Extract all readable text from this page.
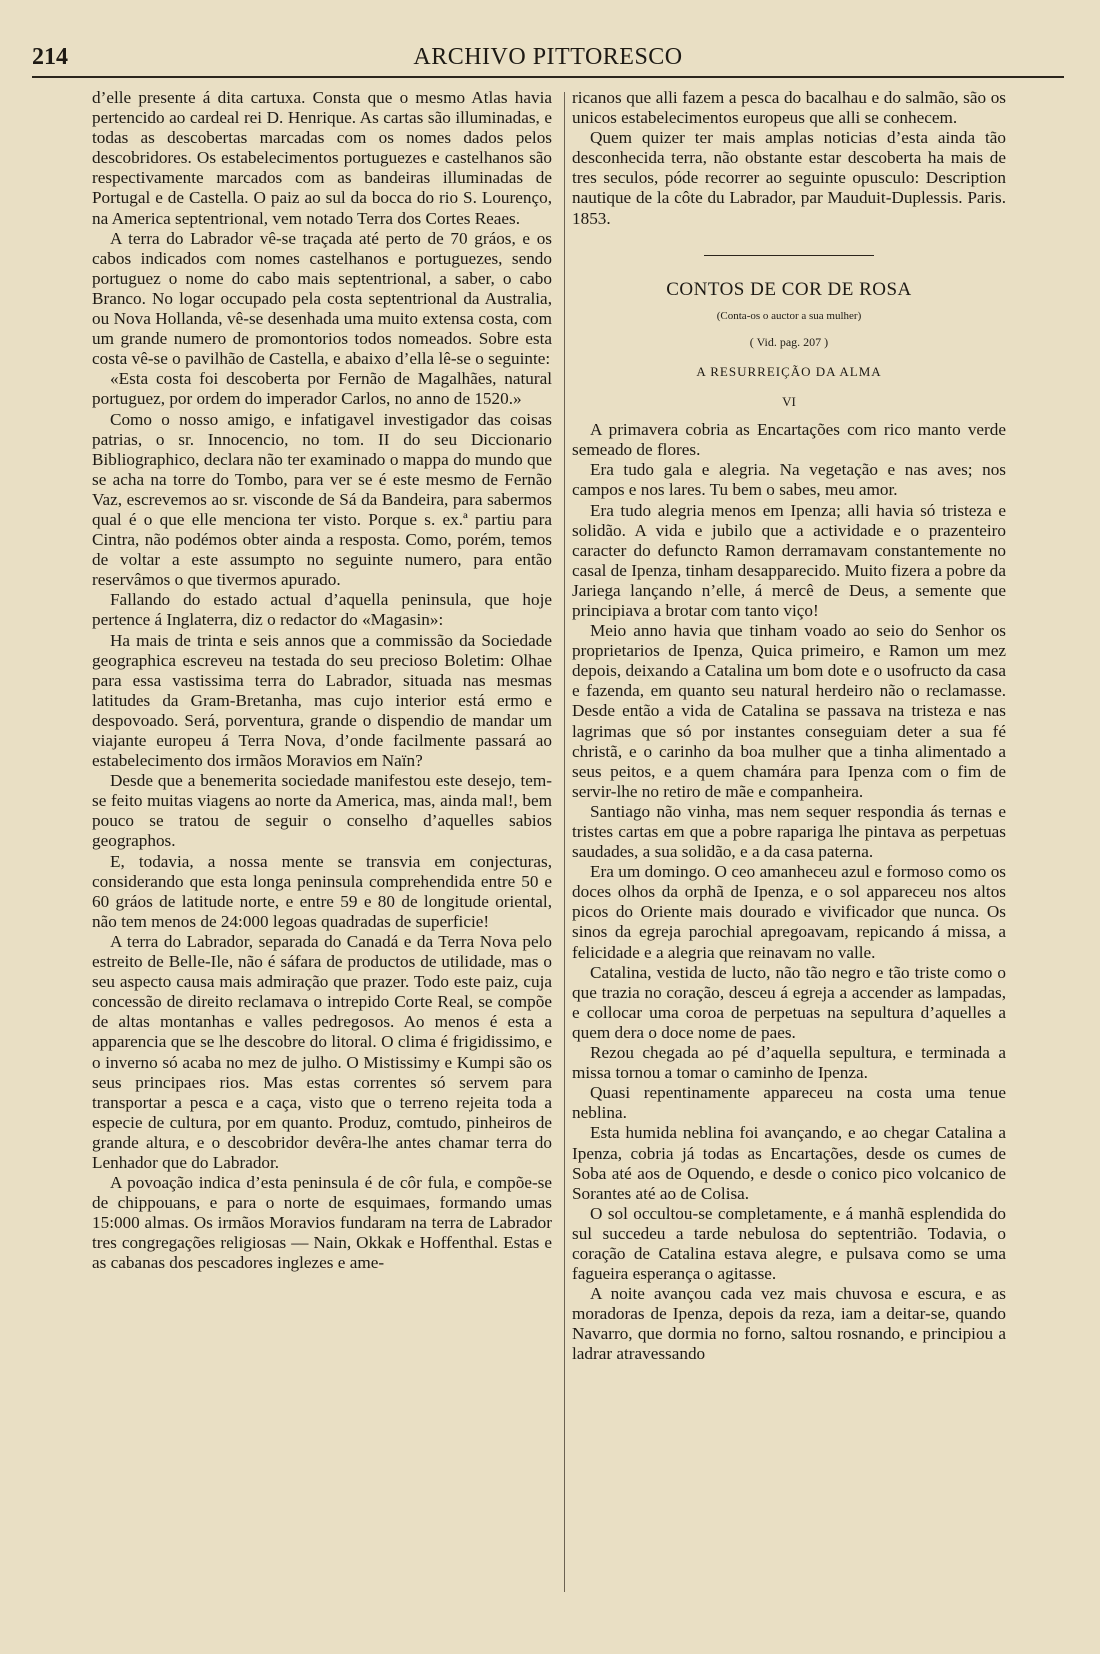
214	ARCHIVO PITTORESCO

d’elle presente á dita cartuxa. Consta que o mesmo Atlas havia pertencido ao cardeal rei D. Henrique. As cartas são illuminadas, e todas as descobertas marcadas com os nomes dados pelos descobridores. Os estabelecimentos portuguezes e castelhanos são respectivamente marcados com as bandeiras illuminadas de Portugal e de Castella. O paiz ao sul da bocca do rio S. Lourenço, na America septentrional, vem notado Terra dos Cortes Reaes.

A terra do Labrador vê-se traçada até perto de 70 gráos, e os cabos indicados com nomes castelhanos e portuguezes, sendo portuguez o nome do cabo mais septentrional, a saber, o cabo Branco. No logar occupado pela costa septentrional da Australia, ou Nova Hollanda, vê-se desenhada uma muito extensa costa, com um grande numero de promontorios todos nomeados. Sobre esta costa vê-se o pavilhão de Castella, e abaixo d’ella lê-se o seguinte:

«Esta costa foi descoberta por Fernão de Magalhães, natural portuguez, por ordem do imperador Carlos, no anno de 1520.»

Como o nosso amigo, e infatigavel investigador das coisas patrias, o sr. Innocencio, no tom. II do seu Diccionario Bibliographico, declara não ter examinado o mappa do mundo que se acha na torre do Tombo, para ver se é este mesmo de Fernão Vaz, escrevemos ao sr. visconde de Sá da Bandeira, para sabermos qual é o que elle menciona ter visto. Porque s. ex.ª partiu para Cintra, não podémos obter ainda a resposta. Como, porém, temos de voltar a este assumpto no seguinte numero, para então reservâmos o que tivermos apurado.

Fallando do estado actual d’aquella peninsula, que hoje pertence á Inglaterra, diz o redactor do «Magasin»:

Ha mais de trinta e seis annos que a commissão da Sociedade geographica escreveu na testada do seu precioso Boletim: Olhae para essa vastissima terra do Labrador, situada nas mesmas latitudes da Gram-Bretanha, mas cujo interior está ermo e despovoado. Será, porventura, grande o dispendio de mandar um viajante europeu á Terra Nova, d’onde facilmente passará ao estabelecimento dos irmãos Moravios em Naïn?

Desde que a benemerita sociedade manifestou este desejo, tem-se feito muitas viagens ao norte da America, mas, ainda mal!, bem pouco se tratou de seguir o conselho d’aquelles sabios geographos.

E, todavia, a nossa mente se transvia em conjecturas, considerando que esta longa peninsula comprehendida entre 50 e 60 gráos de latitude norte, e entre 59 e 80 de longitude oriental, não tem menos de 24:000 legoas quadradas de superficie!

A terra do Labrador, separada do Canadá e da Terra Nova pelo estreito de Belle-Ile, não é sáfara de productos de utilidade, mas o seu aspecto causa mais admiração que prazer. Todo este paiz, cuja concessão de direito reclamava o intrepido Corte Real, se compõe de altas montanhas e valles pedregosos. Ao menos é esta a apparencia que se lhe descobre do litoral. O clima é frigidissimo, e o inverno só acaba no mez de julho. O Mistissimy e Kumpi são os seus principaes rios. Mas estas correntes só servem para transportar a pesca e a caça, visto que o terreno rejeita toda a especie de cultura, por em quanto. Produz, comtudo, pinheiros de grande altura, e o descobridor devêra-lhe antes chamar terra do Lenhador que do Labrador.

A povoação indica d’esta peninsula é de côr fula, e compõe-se de chippouans, e para o norte de esquimaes, formando umas 15:000 almas. Os irmãos Moravios fundaram na terra de Labrador tres congregações religiosas — Nain, Okkak e Hoffenthal. Estas e as cabanas dos pescadores inglezes e ame-

ricanos que alli fazem a pesca do bacalhau e do salmão, são os unicos estabelecimentos europeus que alli se conhecem.

Quem quizer ter mais amplas noticias d’esta ainda tão desconhecida terra, não obstante estar descoberta ha mais de tres seculos, póde recorrer ao seguinte opusculo: Description nautique de la côte du Labrador, par Mauduit-Duplessis. Paris. 1853.

CONTOS DE COR DE ROSA

(Conta-os o auctor a sua mulher)

( Vid. pag. 207 )

A RESURREIÇÃO DA ALMA

VI

A primavera cobria as Encartações com rico manto verde semeado de flores.

Era tudo gala e alegria. Na vegetação e nas aves; nos campos e nos lares. Tu bem o sabes, meu amor.

Era tudo alegria menos em Ipenza; alli havia só tristeza e solidão. A vida e jubilo que a actividade e o prazenteiro caracter do defuncto Ramon derramavam constantemente no casal de Ipenza, tinham desapparecido. Muito fizera a pobre da Jariega lançando n’elle, á mercê de Deus, a semente que principiava a brotar com tanto viço!

Meio anno havia que tinham voado ao seio do Senhor os proprietarios de Ipenza, Quica primeiro, e Ramon um mez depois, deixando a Catalina um bom dote e o usofructo da casa e fazenda, em quanto seu natural herdeiro não o reclamasse. Desde então a vida de Catalina se passava na tristeza e nas lagrimas que só por instantes conseguiam deter a sua fé christã, e o carinho da boa mulher que a tinha alimentado a seus peitos, e a quem chamára para Ipenza com o fim de servir-lhe no retiro de mãe e companheira.

Santiago não vinha, mas nem sequer respondia ás ternas e tristes cartas em que a pobre rapariga lhe pintava as perpetuas saudades, a sua solidão, e a da casa paterna.

Era um domingo. O ceo amanheceu azul e formoso como os doces olhos da orphã de Ipenza, e o sol appareceu nos altos picos do Oriente mais dourado e vivificador que nunca. Os sinos da egreja parochial apregoavam, repicando á missa, a felicidade e a alegria que reinavam no valle.

Catalina, vestida de lucto, não tão negro e tão triste como o que trazia no coração, desceu á egreja a accender as lampadas, e collocar uma coroa de perpetuas na sepultura d’aquelles a quem dera o doce nome de paes.

Rezou chegada ao pé d’aquella sepultura, e terminada a missa tornou a tomar o caminho de Ipenza.

Quasi repentinamente appareceu na costa uma tenue neblina.

Esta humida neblina foi avançando, e ao chegar Catalina a Ipenza, cobria já todas as Encartações, desde os cumes de Soba até aos de Oquendo, e desde o conico pico volcanico de Sorantes até ao de Colisa.

O sol occultou-se completamente, e á manhã esplendida do sul succedeu a tarde nebulosa do septentrião. Todavia, o coração de Catalina estava alegre, e pulsava como se uma fagueira esperança o agitasse.

A noite avançou cada vez mais chuvosa e escura, e as moradoras de Ipenza, depois da reza, iam a deitar-se, quando Navarro, que dormia no forno, saltou rosnando, e principiou a ladrar atravessando
